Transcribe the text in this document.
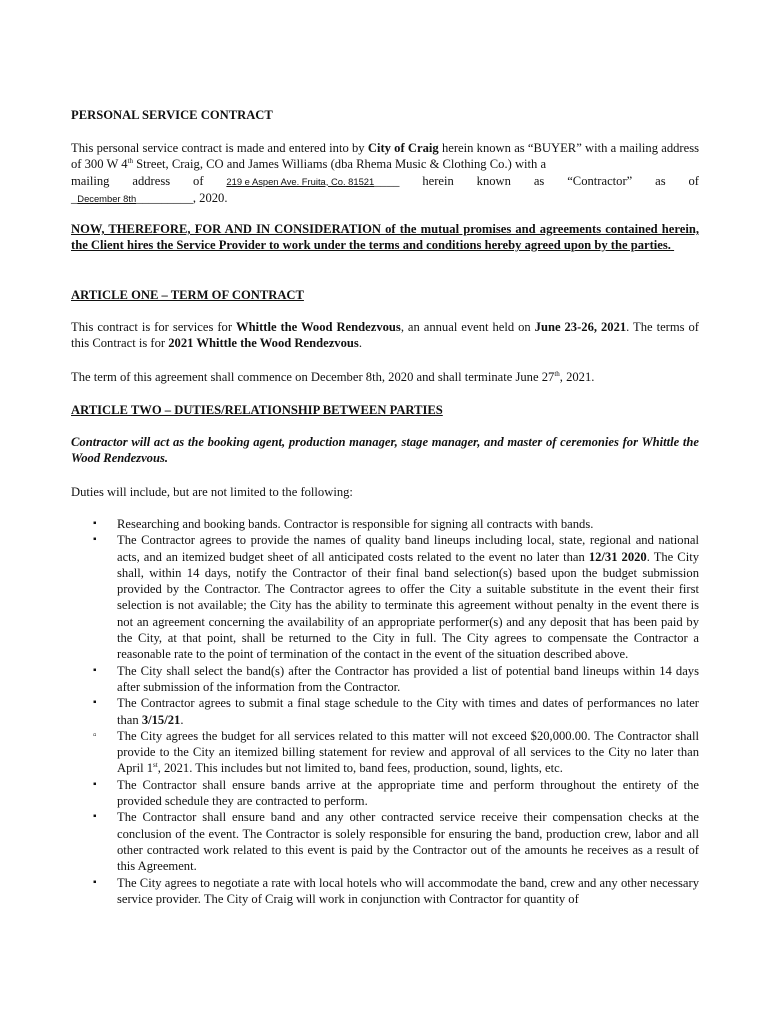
PERSONAL SERVICE CONTRACT

This personal service contract is made and entered into by City of Craig herein known as “BUYER” with a mailing address of 300 W 4th Street, Craig, CO and James Williams (dba Rhema Music & Clothing Co.) with a
mailing address of 219 e Aspen Ave. Fruita, Co. 81521____ herein known as “Contractor” as of
_December 8th_________, 2020.

NOW, THEREFORE, FOR AND IN CONSIDERATION of the mutual promises and agreements contained herein, the Client hires the Service Provider to work under the terms and conditions hereby agreed upon by the parties.

ARTICLE ONE – TERM OF CONTRACT

This contract is for services for Whittle the Wood Rendezvous, an annual event held on June 23-26, 2021. The terms of this Contract is for 2021 Whittle the Wood Rendezvous.

The term of this agreement shall commence on December 8th, 2020 and shall terminate June 27th, 2021.

ARTICLE TWO – DUTIES/RELATIONSHIP BETWEEN PARTIES

Contractor will act as the booking agent, production manager, stage manager, and master of ceremonies for Whittle the Wood Rendezvous.

Duties will include, but are not limited to the following:

▪ Researching and booking bands. Contractor is responsible for signing all contracts with bands.
▪ The Contractor agrees to provide the names of quality band lineups including local, state, regional and national acts, and an itemized budget sheet of all anticipated costs related to the event no later than 12/31 2020. The City shall, within 14 days, notify the Contractor of their final band selection(s) based upon the budget submission provided by the Contractor. The Contractor agrees to offer the City a suitable substitute in the event their first selection is not available; the City has the ability to terminate this agreement without penalty in the event there is not an agreement concerning the availability of an appropriate performer(s) and any deposit that has been paid by the City, at that point, shall be returned to the City in full. The City agrees to compensate the Contractor a reasonable rate to the point of termination of the contact in the event of the situation described above.
▪ The City shall select the band(s) after the Contractor has provided a list of potential band lineups within 14 days after submission of the information from the Contractor.
▪ The Contractor agrees to submit a final stage schedule to the City with times and dates of performances no later than 3/15/21.
▫ The City agrees the budget for all services related to this matter will not exceed $20,000.00. The Contractor shall provide to the City an itemized billing statement for review and approval of all services to the City no later than April 1st, 2021. This includes but not limited to, band fees, production, sound, lights, etc.
▪ The Contractor shall ensure bands arrive at the appropriate time and perform throughout the entirety of the provided schedule they are contracted to perform.
▪ The Contractor shall ensure band and any other contracted service receive their compensation checks at the conclusion of the event. The Contractor is solely responsible for ensuring the band, production crew, labor and all other contracted work related to this event is paid by the Contractor out of the amounts he receives as a result of this Agreement.
▪ The City agrees to negotiate a rate with local hotels who will accommodate the band, crew and any other necessary service provider. The City of Craig will work in conjunction with Contractor for quantity of
